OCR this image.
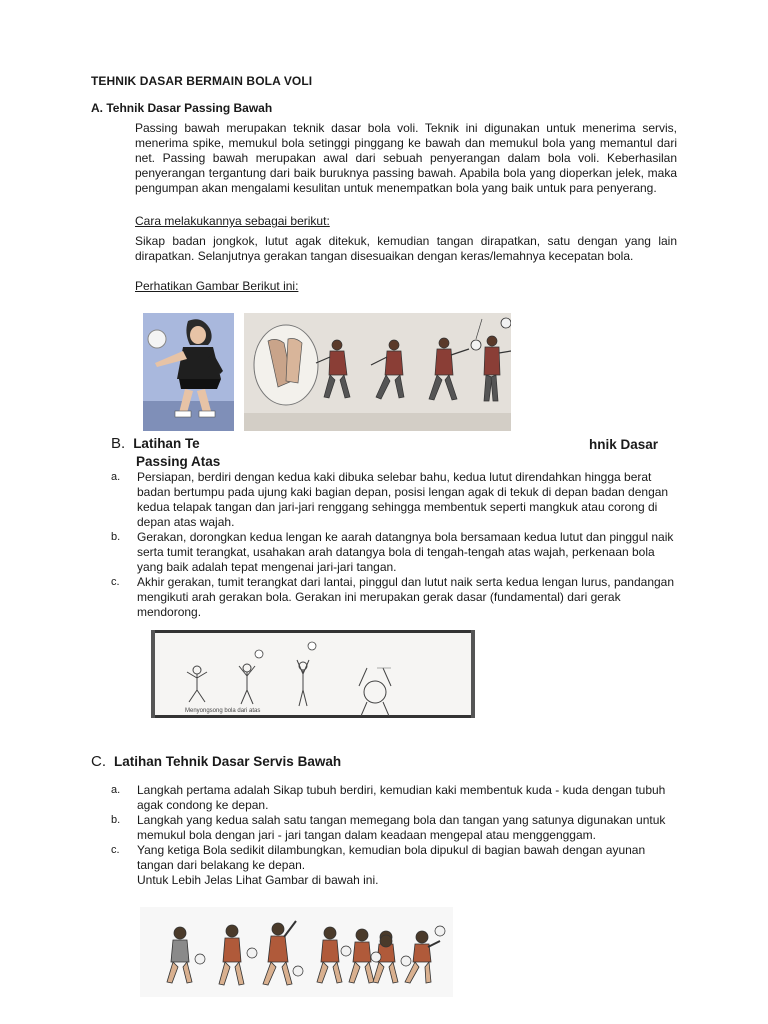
TEHNIK DASAR BERMAIN BOLA VOLI
A. Tehnik Dasar Passing Bawah
Passing bawah merupakan teknik dasar bola voli. Teknik ini digunakan untuk menerima servis, menerima spike, memukul bola setinggi pinggang ke bawah dan memukul bola yang memantul dari net. Passing bawah merupakan awal dari sebuah penyerangan dalam bola voli. Keberhasilan penyerangan tergantung dari baik buruknya passing bawah. Apabila bola yang dioperkan jelek, maka pengumpan akan mengalami kesulitan untuk menempatkan bola yang baik untuk para penyerang.
Cara melakukannya sebagai berikut:
Sikap badan jongkok, lutut agak ditekuk, kemudian tangan dirapatkan, satu dengan yang lain dirapatkan. Selanjutnya gerakan tangan disesuaikan dengan keras/lemahnya kecepatan bola.
Perhatikan Gambar Berikut ini:
B. Latihan Te	hnik Dasar
Passing Atas
a. Persiapan, berdiri dengan kedua kaki dibuka selebar bahu, kedua lutut direndahkan hingga berat badan bertumpu pada ujung kaki bagian depan, posisi lengan agak di tekuk di depan badan dengan kedua telapak tangan dan jari-jari renggang sehingga membentuk seperti mangkuk atau corong di depan atas wajah.
b. Gerakan, dorongkan kedua lengan ke aarah datangnya bola bersamaan kedua lutut dan pinggul naik serta tumit terangkat, usahakan arah datangya bola di tengah-tengah atas wajah, perkenaan bola yang baik adalah tepat mengenai jari-jari tangan.
c. Akhir gerakan, tumit terangkat dari lantai, pinggul dan lutut naik serta kedua lengan lurus, pandangan mengikuti arah gerakan bola. Gerakan ini merupakan gerak dasar (fundamental) dari gerak mendorong.
Menyongsong bola dari atas
C. Latihan Tehnik Dasar Servis Bawah
a. Langkah pertama adalah Sikap tubuh berdiri, kemudian kaki membentuk kuda - kuda dengan tubuh agak condong ke depan.
b. Langkah yang kedua salah satu tangan memegang bola dan tangan yang satunya digunakan untuk memukul bola dengan jari - jari tangan dalam keadaan mengepal atau menggenggam.
c. Yang ketiga Bola sedikit dilambungkan, kemudian bola dipukul di bagian bawah dengan ayunan tangan dari belakang ke depan.
Untuk Lebih Jelas Lihat Gambar di bawah ini.
